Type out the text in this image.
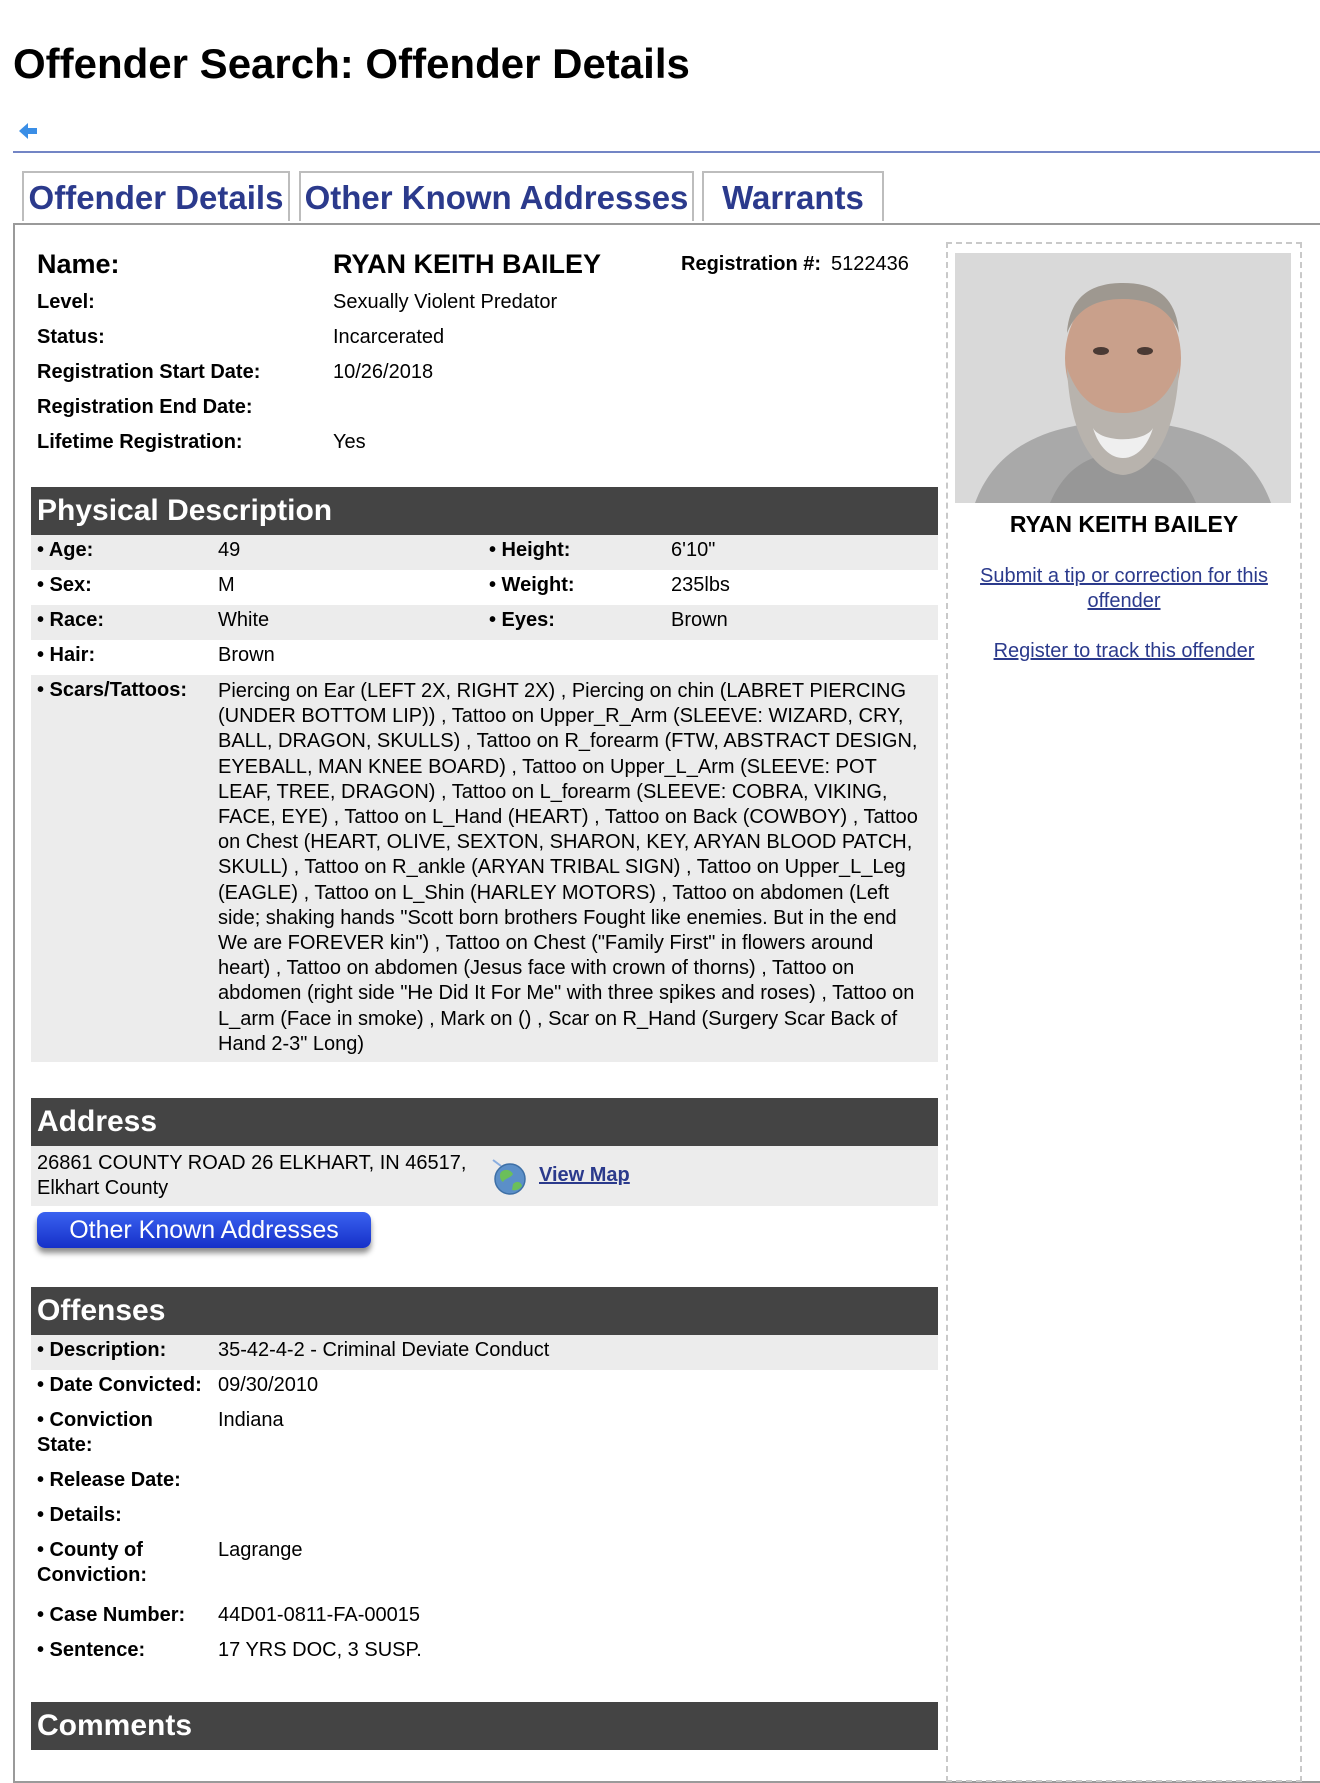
Offender Search: Offender Details
Offender Details Other Known Addresses	Warrants
Name:	RYAN KEITH BAILEY	Registration #: 5122436
Level:	Sexually Violent Predator
Status:	Incarcerated
Registration Start Date:	10/26/2018
Registration End Date:
Lifetime Registration:	Yes
RYAN KEITH BAILEY
Submit a tip or correction for this offender
Register to track this offender
Physical Description
• Age:	49	• Height:	6'10"
• Sex:	M	• Weight:	235lbs
• Race:	White	• Eyes:	Brown
• Hair:	Brown
• Scars/Tattoos: Piercing on Ear (LEFT 2X, RIGHT 2X) , Piercing on chin (LABRET PIERCING (UNDER BOTTOM LIP)) , Tattoo on Upper_R_Arm (SLEEVE: WIZARD, CRY, BALL, DRAGON, SKULLS) , Tattoo on R_forearm (FTW, ABSTRACT DESIGN, EYEBALL, MAN KNEE BOARD) , Tattoo on Upper_L_Arm (SLEEVE: POT LEAF, TREE, DRAGON) , Tattoo on L_forearm (SLEEVE: COBRA, VIKING, FACE, EYE) , Tattoo on L_Hand (HEART) , Tattoo on Back (COWBOY) , Tattoo on Chest (HEART, OLIVE, SEXTON, SHARON, KEY, ARYAN BLOOD PATCH, SKULL) , Tattoo on R_ankle (ARYAN TRIBAL SIGN) , Tattoo on Upper_L_Leg (EAGLE) , Tattoo on L_Shin (HARLEY MOTORS) , Tattoo on abdomen (Left side; shaking hands "Scott born brothers Fought like enemies. But in the end We are FOREVER kin") , Tattoo on Chest ("Family First" in flowers around heart) , Tattoo on abdomen (Jesus face with crown of thorns) , Tattoo on abdomen (right side "He Did It For Me" with three spikes and roses) , Tattoo on L_arm (Face in smoke) , Mark on () , Scar on R_Hand (Surgery Scar Back of Hand 2-3" Long)
Address
26861 COUNTY ROAD 26 ELKHART, IN 46517,
Elkhart County
View Map
Other Known Addresses
Offenses
• Description:	35-42-4-2 - Criminal Deviate Conduct
• Date Convicted: 09/30/2010
• Conviction
State:
Indiana
• Release Date:
• Details:
• County of
Conviction:
Lagrange
• Case Number: 44D01-0811-FA-00015
• Sentence:	17 YRS DOC, 3 SUSP.
Comments
